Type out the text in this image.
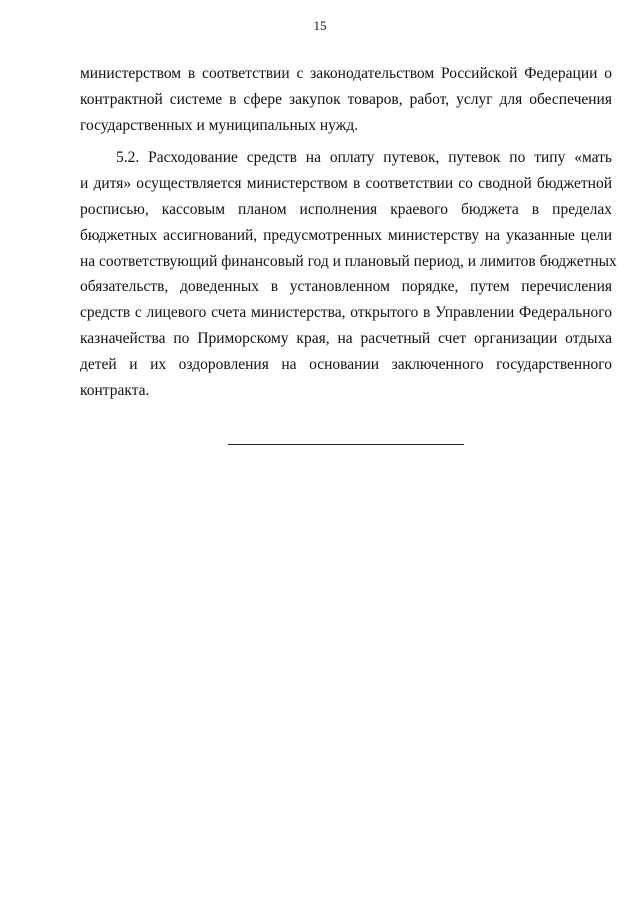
15
министерством в соответствии с законодательством Российской Федерации о
контрактной системе в сфере закупок товаров, работ, услуг для обеспечения
государственных и муниципальных нужд.
5.2. Расходование средств на оплату путевок, путевок по типу «мать
и дитя» осуществляется министерством в соответствии со сводной бюджетной
росписью, кассовым планом исполнения краевого бюджета в пределах
бюджетных ассигнований, предусмотренных министерству на указанные цели
на соответствующий финансовый год и плановый период, и лимитов бюджетных
обязательств, доведенных в установленном порядке, путем перечисления
средств с лицевого счета министерства, открытого в Управлении Федерального
казначейства по Приморскому края, на расчетный счет организации отдыха
детей и их оздоровления на основании заключенного государственного
контракта.
